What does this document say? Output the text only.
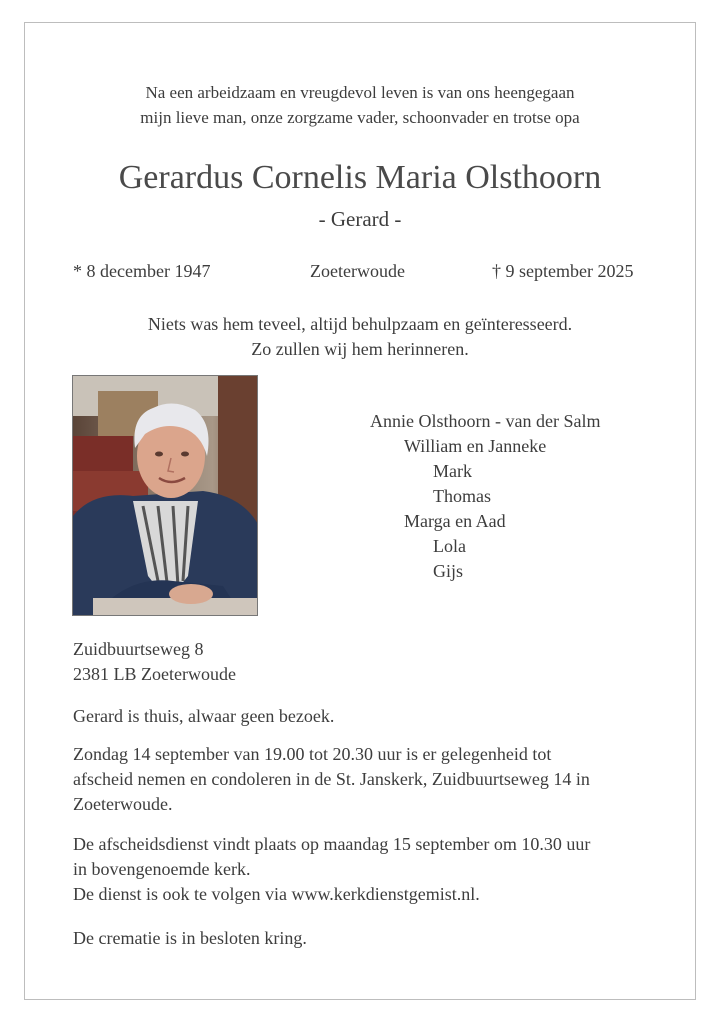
Na een arbeidzaam en vreugdevol leven is van ons heengegaan
mijn lieve man, onze zorgzame vader, schoonvader en trotse opa
Gerardus Cornelis Maria Olsthoorn
- Gerard -
* 8 december 1947	Zoeterwoude	† 9 september 2025
Niets was hem teveel, altijd behulpzaam en geïnteresseerd.
Zo zullen wij hem herinneren.
Annie Olsthoorn - van der Salm
William en Janneke
Mark
Thomas
Marga en Aad
Lola
Gijs
Zuidbuurtseweg 8
2381 LB Zoeterwoude
Gerard is thuis, alwaar geen bezoek.
Zondag 14 september van 19.00 tot 20.30 uur is er gelegenheid tot
afscheid nemen en condoleren in de St. Janskerk, Zuidbuurtseweg 14 in
Zoeterwoude.
De afscheidsdienst vindt plaats op maandag 15 september om 10.30 uur
in bovengenoemde kerk.
De dienst is ook te volgen via www.kerkdienstgemist.nl.
De crematie is in besloten kring.
